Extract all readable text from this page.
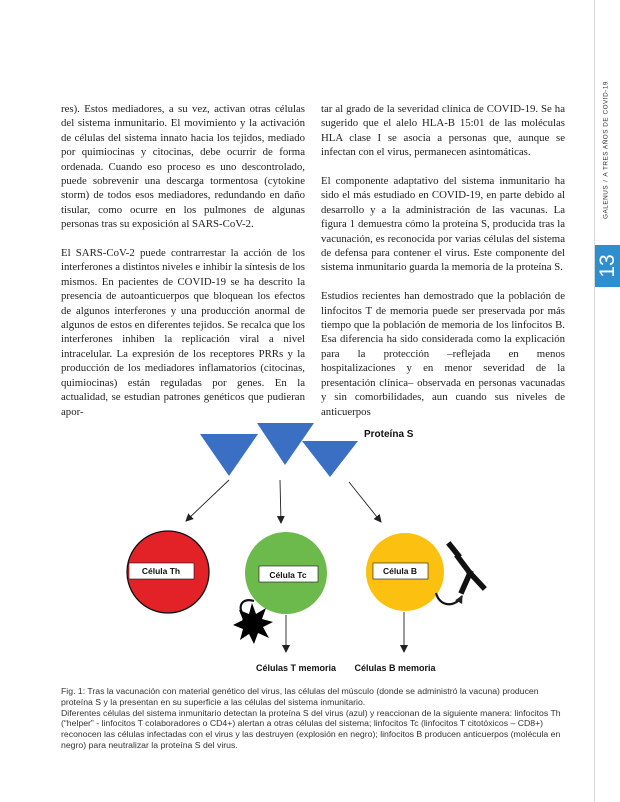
13
GALENUS/A TRES AÑOS DE COVID-19

res). Estos mediadores, a su vez, activan otras células del sistema inmunitario. El movimiento y la activación de células del sistema innato hacia los tejidos, mediado por quimiocinas y citocinas, debe ocurrir de forma ordenada. Cuando eso proceso es uno descontrolado, puede sobrevenir una descarga tormentosa (cytokine storm) de todos esos mediadores, redundando en daño tisular, como ocurre en los pulmones de algunas personas tras su exposición al SARS-CoV-2.

El SARS-CoV-2 puede contrarrestar la acción de los interferones a distintos niveles e inhibir la síntesis de los mismos. En pacientes de COVID-19 se ha descrito la presencia de autoanticuerpos que bloquean los efectos de algunos interferones y una producción anormal de algunos de estos en diferentes tejidos. Se recalca que los interferones inhiben la replicación viral a nivel intracelular. La expresión de los receptores PRRs y la producción de los mediadores inflamatorios (citocinas, quimiocinas) están reguladas por genes. En la actualidad, se estudian patrones genéticos que pudieran apor-

tar al grado de la severidad clínica de COVID-19. Se ha sugerido que el alelo HLA-B 15:01 de las moléculas HLA clase I se asocia a personas que, aunque se infectan con el virus, permanecen asintomáticas.

El componente adaptativo del sistema inmunitario ha sido el más estudiado en COVID-19, en parte debido al desarrollo y a la administración de las vacunas. La figura 1 demuestra cómo la proteína S, producida tras la vacunación, es reconocida por varias células del sistema de defensa para contener el virus. Este componente del sistema inmunitario guarda la memoria de la proteína S.

Estudios recientes han demostrado que la población de linfocitos T de memoria puede ser preservada por más tiempo que la población de memoria de los linfocitos B. Esa diferencia ha sido considerada como la explicación para la protección –reflejada en menos hospitalizaciones y en menor severidad de la presentación clínica– observada en personas vacunadas y sin comorbilidades, aun cuando sus niveles de anticuerpos

Proteína S
Célula Th	Célula Tc	Célula B
Células T memoria Células B memoria

Fig. 1: Tras la vacunación con material genético del virus, las células del músculo (donde se administró la vacuna) producen proteína S y la presentan en su superficie a las células del sistema inmunitario.

Diferentes células del sistema inmunitario detectan la proteína S del virus (azul) y reaccionan de la siguiente manera: linfocitos Th (“helper” - linfocitos T colaboradores o CD4+) alertan a otras células del sistema; linfocitos Tc (linfocitos T citotóxicos – CD8+) reconocen las células infectadas con el virus y las destruyen (explosión en negro); linfocitos B producen anticuerpos (molécula en negro) para neutralizar la proteína S del virus.
